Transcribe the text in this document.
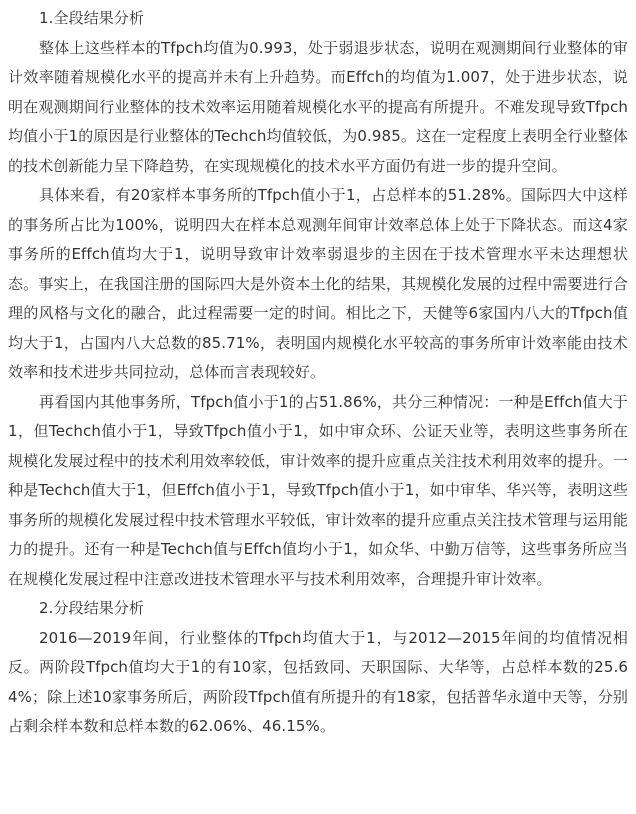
1.全段结果分析

整体上这些样本的Tfpch均值为0.993，处于弱退步状态，说明在观测期间行业整体的审计效率随着规模化水平的提高并未有上升趋势。而Effch的均值为1.007，处于进步状态，说明在观测期间行业整体的技术效率运用随着规模化水平的提高有所提升。不难发现导致Tfpch均值小于1的原因是行业整体的Techch均值较低，为0.985。这在一定程度上表明全行业整体的技术创新能力呈下降趋势，在实现规模化的技术水平方面仍有进一步的提升空间。

具体来看，有20家样本事务所的Tfpch值小于1，占总样本的51.28%。国际四大中这样的事务所占比为100%，说明四大在样本总观测年间审计效率总体上处于下降状态。而这4家事务所的Effch值均大于1，说明导致审计效率弱退步的主因在于技术管理水平未达理想状态。事实上，在我国注册的国际四大是外资本土化的结果，其规模化发展的过程中需要进行合理的风格与文化的融合，此过程需要一定的时间。相比之下，天健等6家国内八大的Tfpch值均大于1，占国内八大总数的85.71%，表明国内规模化水平较高的事务所审计效率能由技术效率和技术进步共同拉动，总体而言表现较好。

再看国内其他事务所，Tfpch值小于1的占51.86%，共分三种情况：一种是Effch值大于1，但Techch值小于1，导致Tfpch值小于1，如中审众环、公证天业等，表明这些事务所在规模化发展过程中的技术利用效率较低，审计效率的提升应重点关注技术利用效率的提升。一种是Techch值大于1，但Effch值小于1，导致Tfpch值小于1，如中审华、华兴等，表明这些事务所的规模化发展过程中技术管理水平较低，审计效率的提升应重点关注技术管理与运用能力的提升。还有一种是Techch值与Effch值均小于1，如众华、中勤万信等，这些事务所应当在规模化发展过程中注意改进技术管理水平与技术利用效率，合理提升审计效率。

2.分段结果分析

2016—2019年间，行业整体的Tfpch均值大于1，与2012—2015年间的均值情况相反。两阶段Tfpch值均大于1的有10家，包括致同、天职国际、大华等，占总样本数的25.64%；除上述10家事务所后，两阶段Tfpch值有所提升的有18家，包括普华永道中天等，分别占剩余样本数和总样本数的62.06%、46.15%。
